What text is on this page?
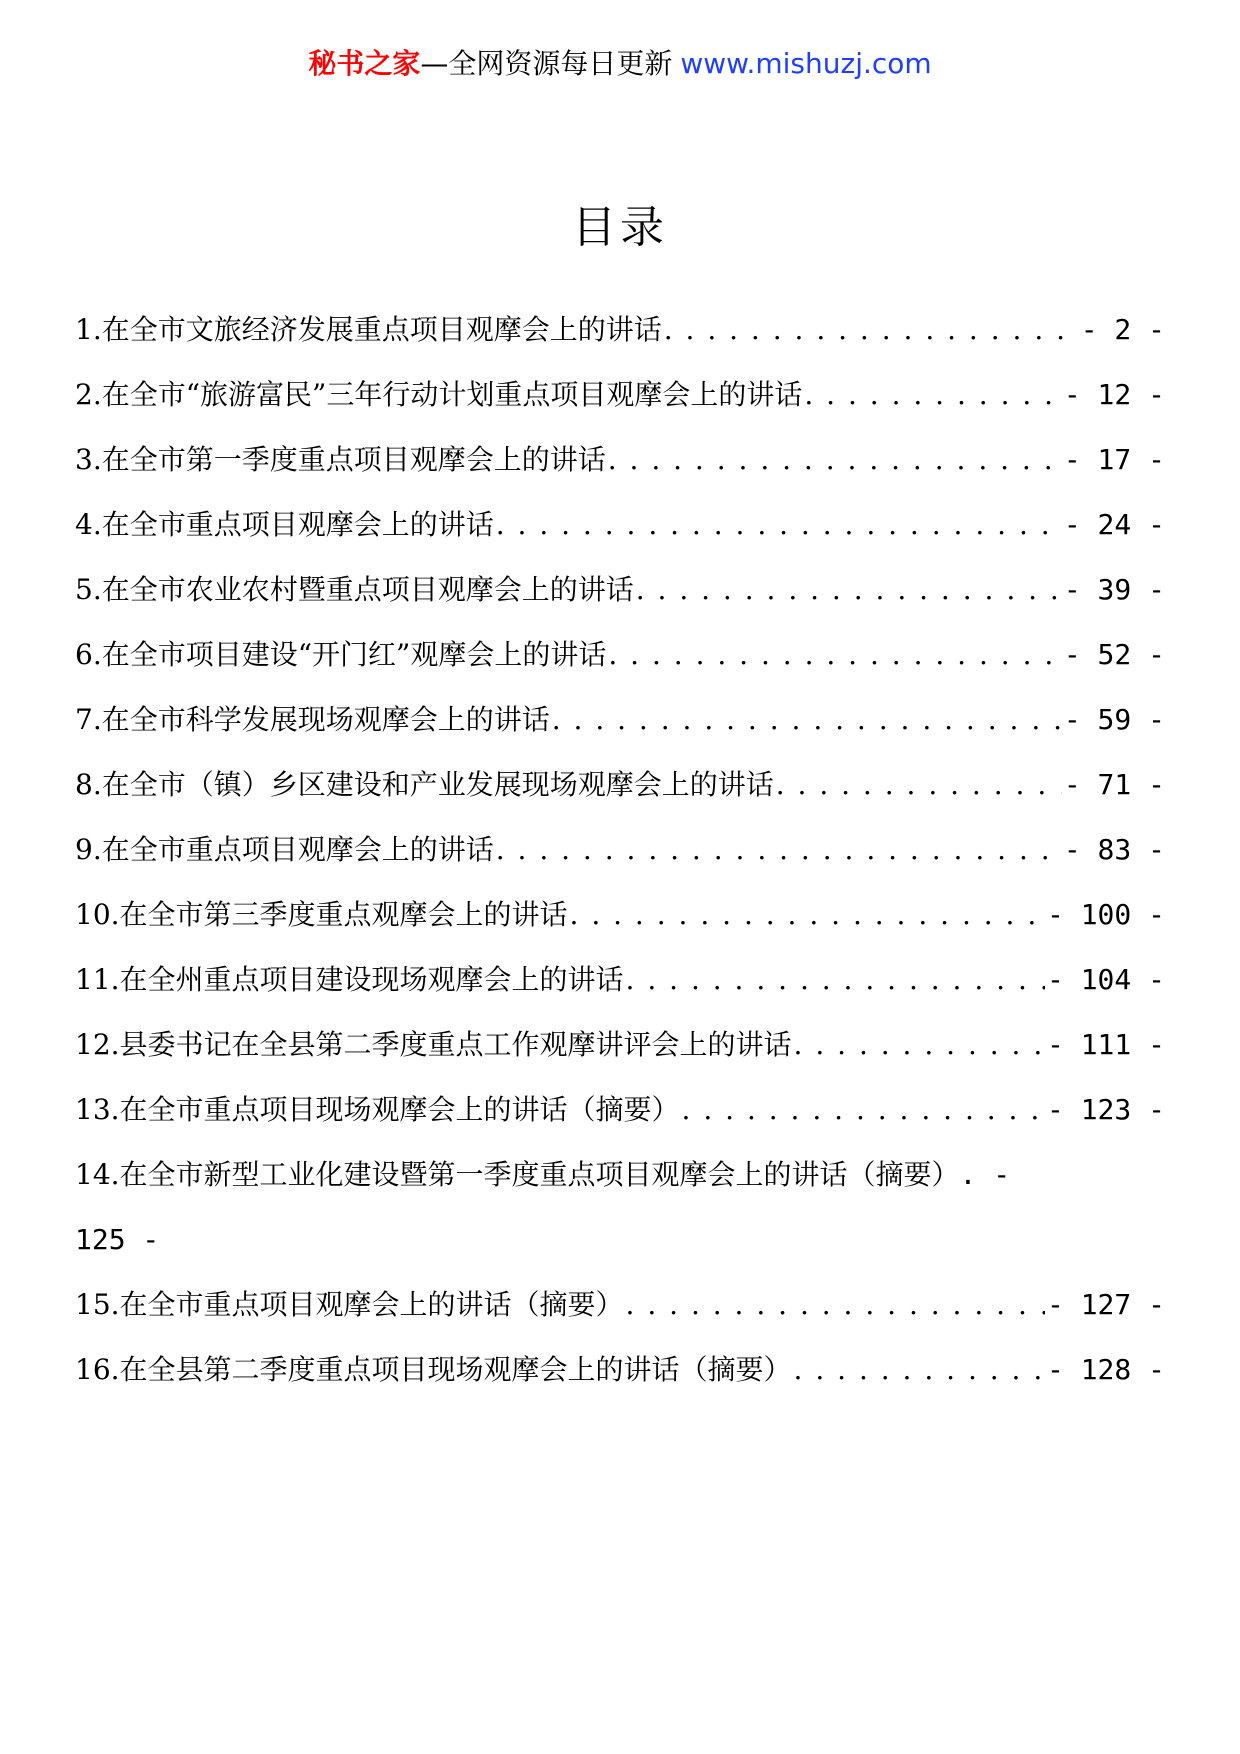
秘书之家—全网资源每日更新 www.mishuzj.com
目录
1.在全市文旅经济发展重点项目观摩会上的讲话 . . .	- 2 -
2.在全市“旅游富民”三年行动计划重点项目观摩会上的讲话 . . .	- 12 -
3.在全市第一季度重点项目观摩会上的讲话 . . .	- 17 -
4.在全市重点项目观摩会上的讲话 . . .	- 24 -
5.在全市农业农村暨重点项目观摩会上的讲话 . . .	- 39 -
6.在全市项目建设“开门红”观摩会上的讲话 . . .	- 52 -
7.在全市科学发展现场观摩会上的讲话 . . .	- 59 -
8.在全市（镇）乡区建设和产业发展现场观摩会上的讲话 . . .	- 71 -
9.在全市重点项目观摩会上的讲话 . . .	- 83 -
10.在全市第三季度重点观摩会上的讲话 . . .	- 100 -
11.在全州重点项目建设现场观摩会上的讲话 . . .	- 104 -
12.县委书记在全县第二季度重点工作观摩讲评会上的讲话 . . .	- 111 -
13.在全市重点项目现场观摩会上的讲话（摘要） . . .	- 123 -
14.在全市新型工业化建设暨第一季度重点项目观摩会上的讲话（摘要） . -
125 -
15.在全市重点项目观摩会上的讲话（摘要） . . .	- 127 -
16.在全县第二季度重点项目现场观摩会上的讲话（摘要） . . .	- 128 -
